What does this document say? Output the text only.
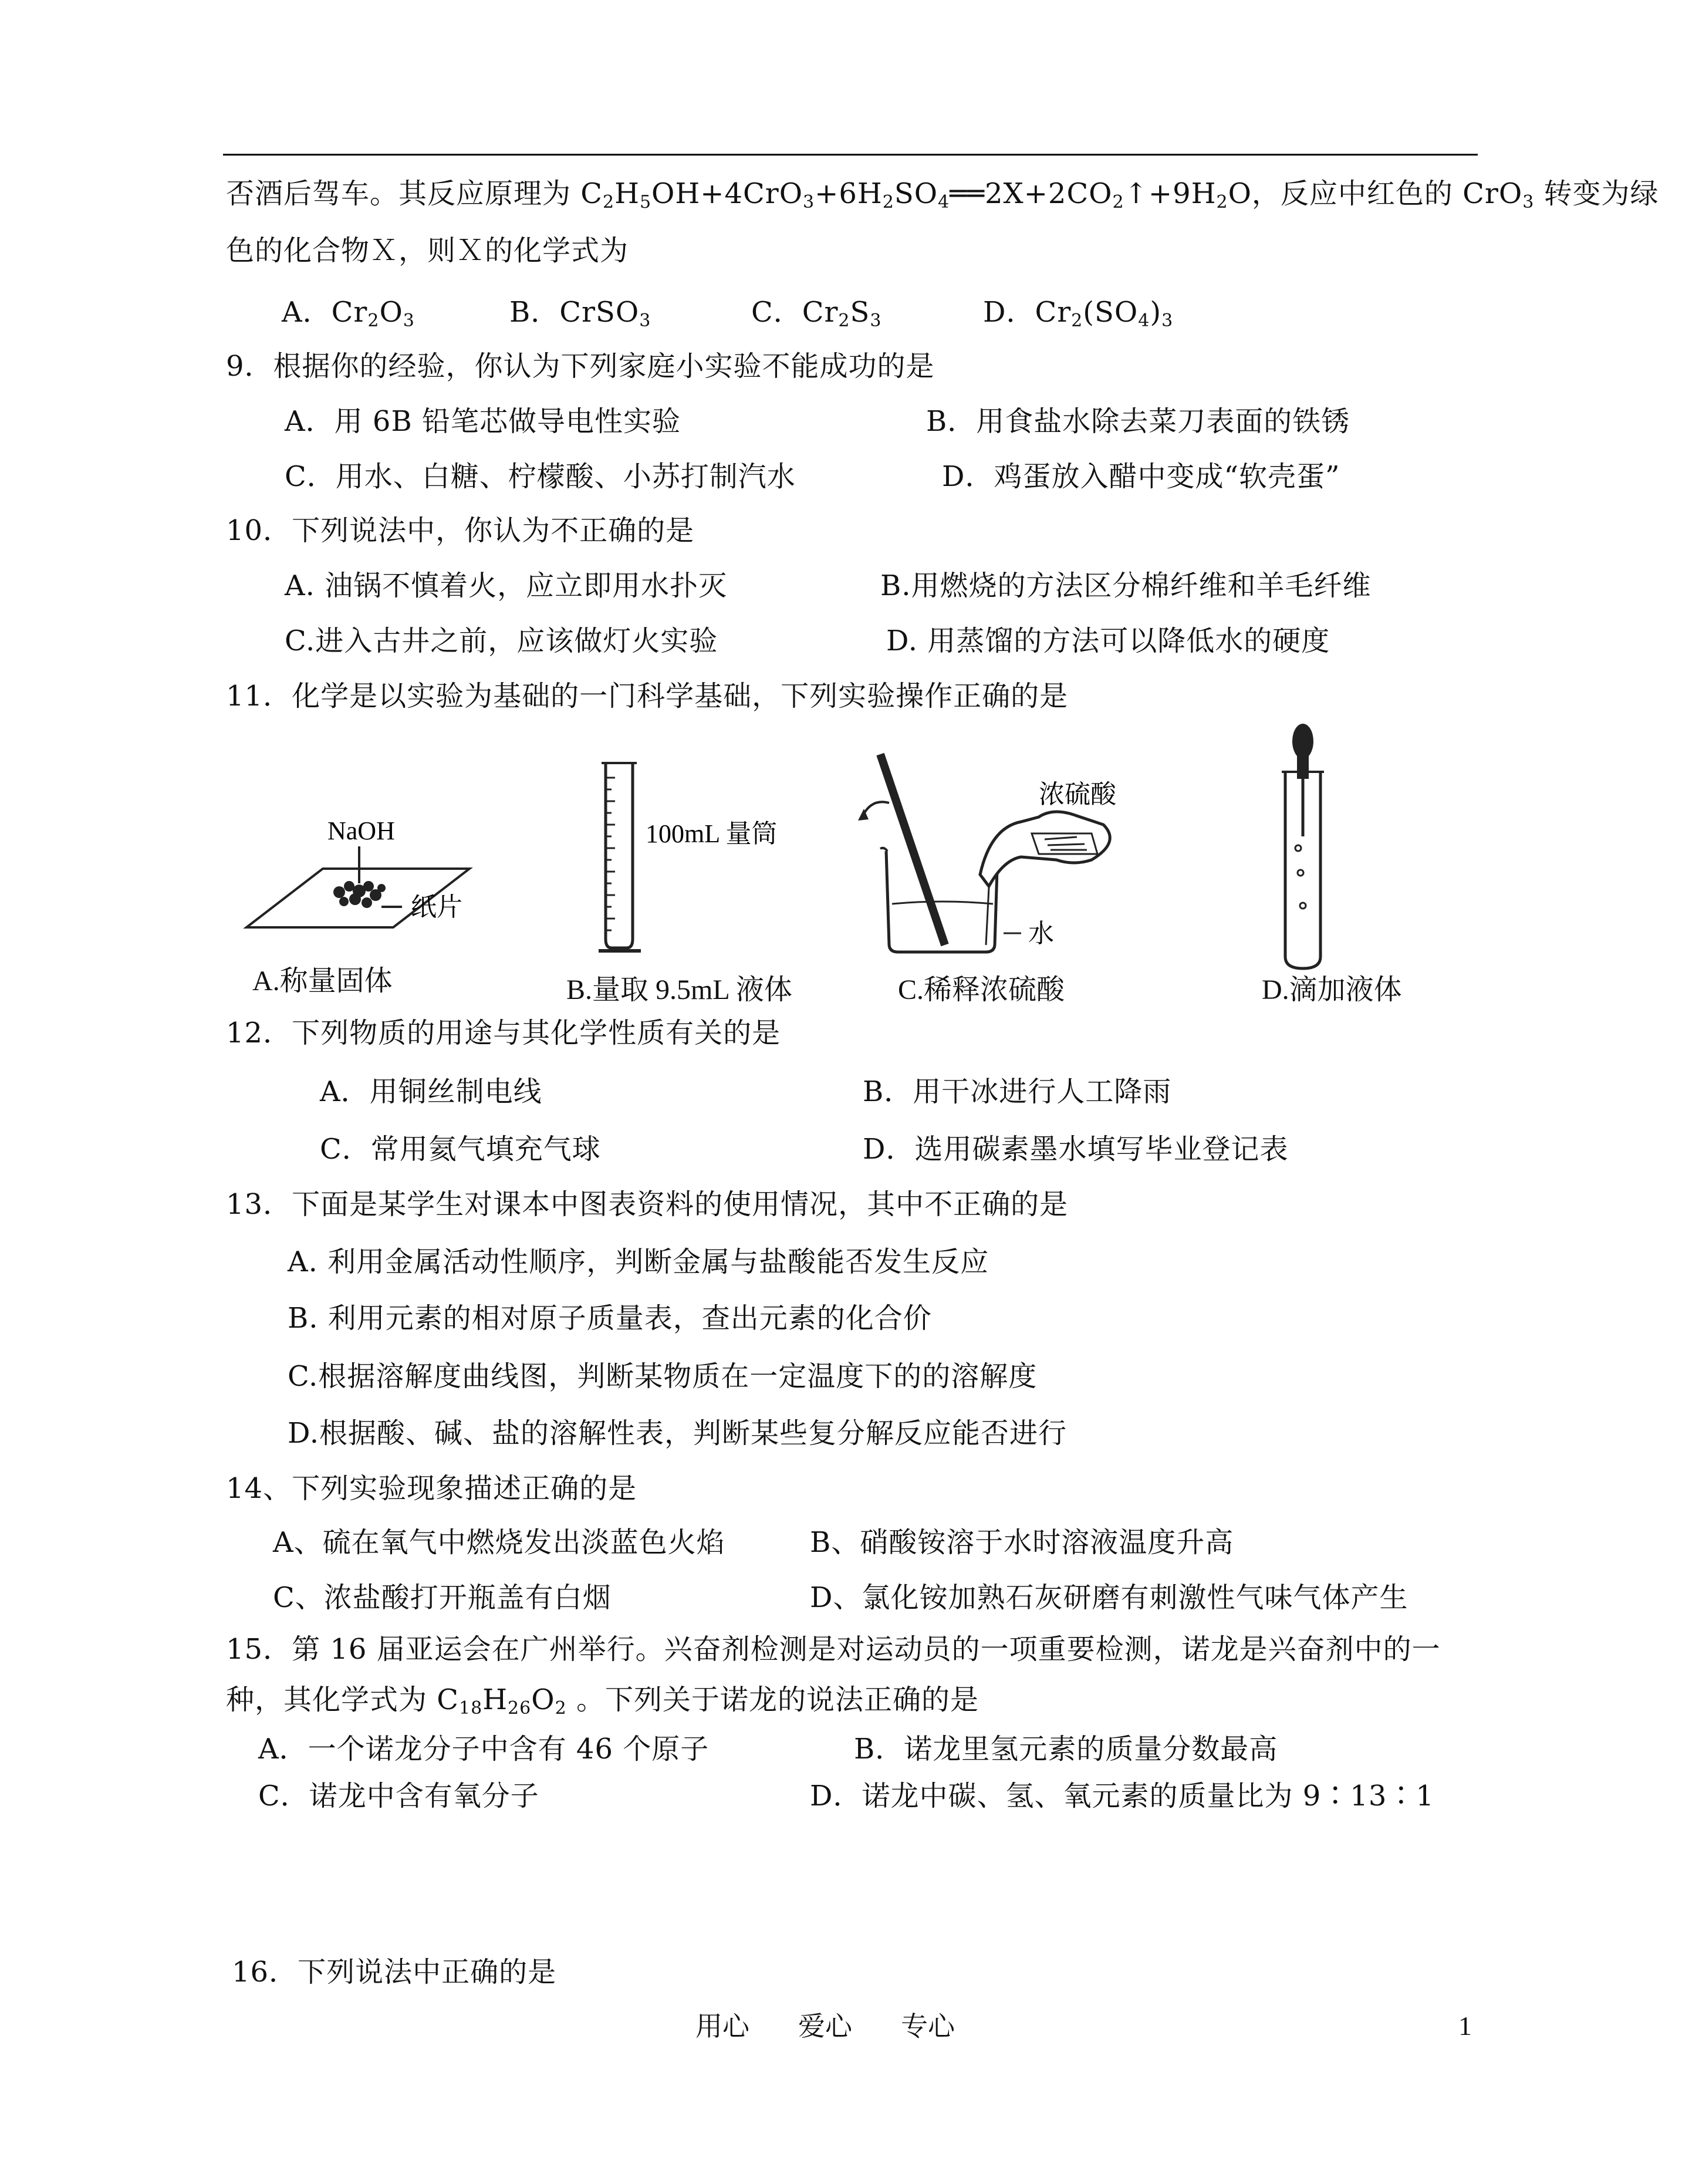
否酒后驾车。其反应原理为 $C_2H_5OH+4CrO_3+6H_2SO_4══2X+2CO_2↑+9H_2O$，反应中红色的 CrO$_3$ 转变为绿
色的化合物Ｘ，则Ｘ的化学式为
A．$Cr_2O_3$	B．CrSO$_3$	C．$Cr_2S_3$	D．$Cr_2(SO_4)_3$
9．根据你的经验，你认为下列家庭小实验不能成功的是
A．用 6B 铅笔芯做导电性实验	B．用食盐水除去菜刀表面的铁锈
C．用水、白糖、柠檬酸、小苏打制汽水	D．鸡蛋放入醋中变成“软壳蛋”
10．下列说法中，你认为不正确的是
A. 油锅不慎着火，应立即用水扑灭	B.用燃烧的方法区分棉纤维和羊毛纤维
C.进入古井之前，应该做灯火实验	D. 用蒸馏的方法可以降低水的硬度
11．化学是以实验为基础的一门科学基础，下列实验操作正确的是
NaOH
纸片
100mL 量筒
浓硫酸
水
A.称量固体	B.量取 9.5mL 液体	C.稀释浓硫酸	D.滴加液体
12．下列物质的用途与其化学性质有关的是
A．用铜丝制电线	B．用干冰进行人工降雨
C．常用氦气填充气球	D．选用碳素墨水填写毕业登记表
13．下面是某学生对课本中图表资料的使用情况，其中不正确的是
A. 利用金属活动性顺序，判断金属与盐酸能否发生反应
B. 利用元素的相对原子质量表，查出元素的化合价
C.根据溶解度曲线图，判断某物质在一定温度下的的溶解度
D.根据酸、碱、盐的溶解性表，判断某些复分解反应能否进行
14、下列实验现象描述正确的是
A、硫在氧气中燃烧发出淡蓝色火焰	B、硝酸铵溶于水时溶液温度升高
C、浓盐酸打开瓶盖有白烟	D、氯化铵加熟石灰研磨有刺激性气味气体产生
15．第 16 届亚运会在广州举行。兴奋剂检测是对运动员的一项重要检测，诺龙是兴奋剂中的一
种，其化学式为 $C_{18}H_{26}O_2$ 。下列关于诺龙的说法正确的是
A．一个诺龙分子中含有 46 个原子	B．诺龙里氢元素的质量分数最高
C．诺龙中含有氧分子	D．诺龙中碳、氢、氧元素的质量比为 9∶13∶1
16．下列说法中正确的是
用心 爱心 专心	1
